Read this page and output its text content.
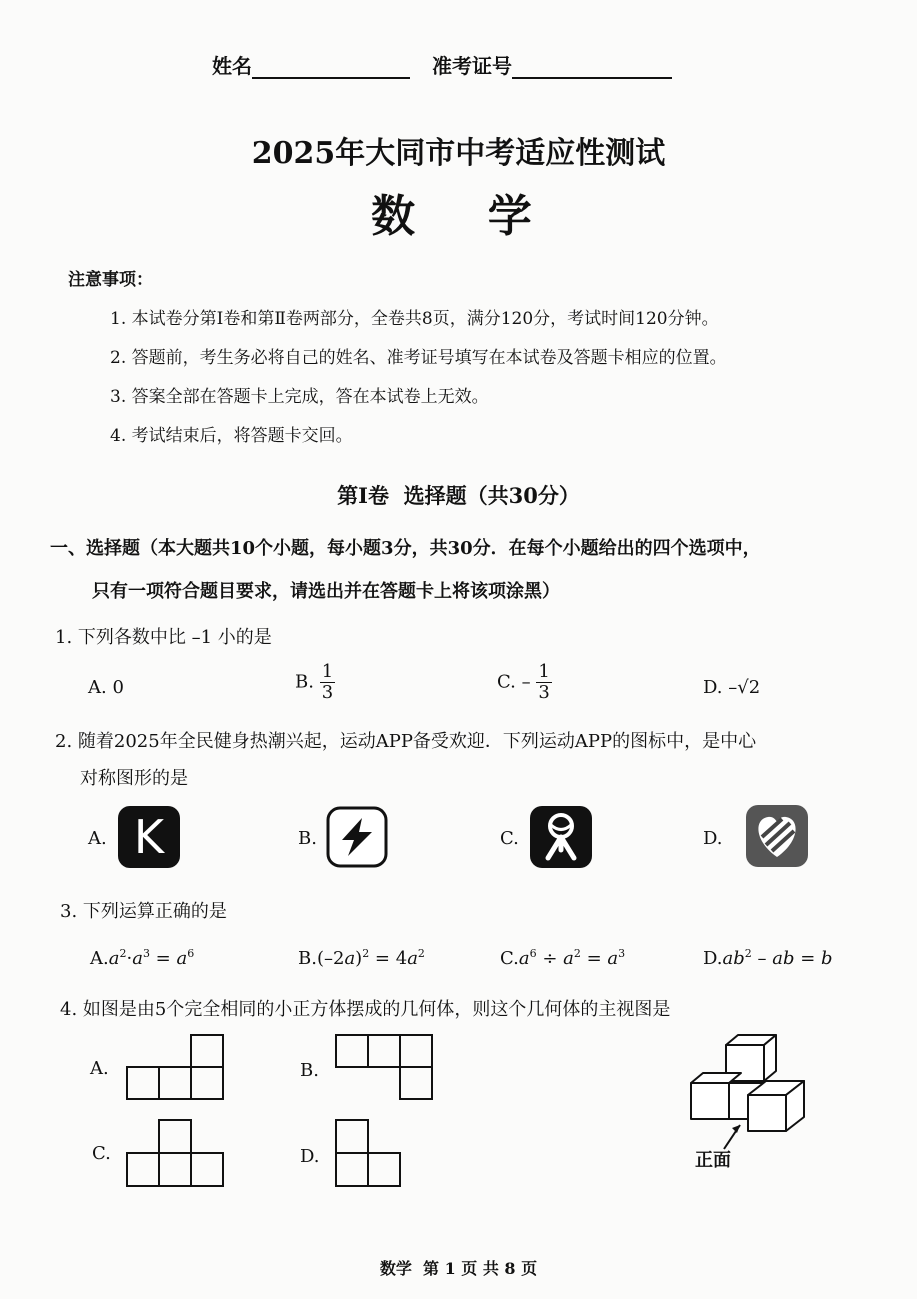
姓名	准考证号
2025年大同市中考适应性测试
数  学
注意事项：
1. 本试卷分第Ⅰ卷和第Ⅱ卷两部分，全卷共8页，满分120分，考试时间120分钟。
2. 答题前，考生务必将自己的姓名、准考证号填写在本试卷及答题卡相应的位置。
3. 答案全部在答题卡上完成，答在本试卷上无效。
4. 考试结束后，将答题卡交回。
第Ⅰ卷  选择题（共30分）
一、选择题（本大题共10个小题，每小题3分，共30分．在每个小题给出的四个选项中，
只有一项符合题目要求，请选出并在答题卡上将该项涂黑）
1. 下列各数中比 –1 小的是
A. 0	B. $\frac{1}{3}$	C. – $\frac{1}{3}$	D. –√2
2. 随着2025年全民健身热潮兴起，运动APP备受欢迎．下列运动APP的图标中，是中心
对称图形的是
A. K	B.	C.	D.
3. 下列运算正确的是
$A.a^2\cdot a^3 = a^6$	$B.(-2a)^2 = 4a^2$	$C.a^6 \div a^2 = a^3$	$D.ab^2$ – ab = b
4. 如图是由5个完全相同的小正方体摆成的几何体，则这个几何体的主视图是
A.	B.
C.	D.	正面
数学  第 1 页 共 8 页
